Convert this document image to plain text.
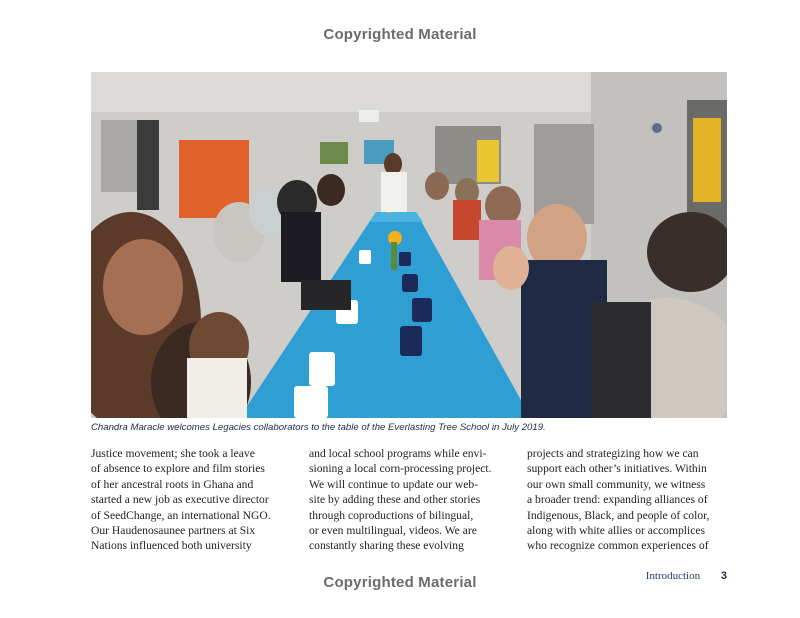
Copyrighted Material
Chandra Maracle welcomes Legacies collaborators to the table of the Everlasting Tree School in July 2019.
Justice movement; she took a leave
of absence to explore and film stories
of her ancestral roots in Ghana and
started a new job as executive director
of SeedChange, an international NGO.
Our Haudenosaunee partners at Six
Nations influenced both university
and local school programs while envi-
sioning a local corn-processing project.
We will continue to update our web-
site by adding these and other stories
through coproductions of bilingual,
or even multilingual, videos. We are
constantly sharing these evolving
projects and strategizing how we can
support each other’s initiatives. Within
our own small community, we witness
a broader trend: expanding alliances of
Indigenous, Black, and people of color,
along with white allies or accomplices
who recognize common experiences of
Introduction 3
Copyrighted Material
